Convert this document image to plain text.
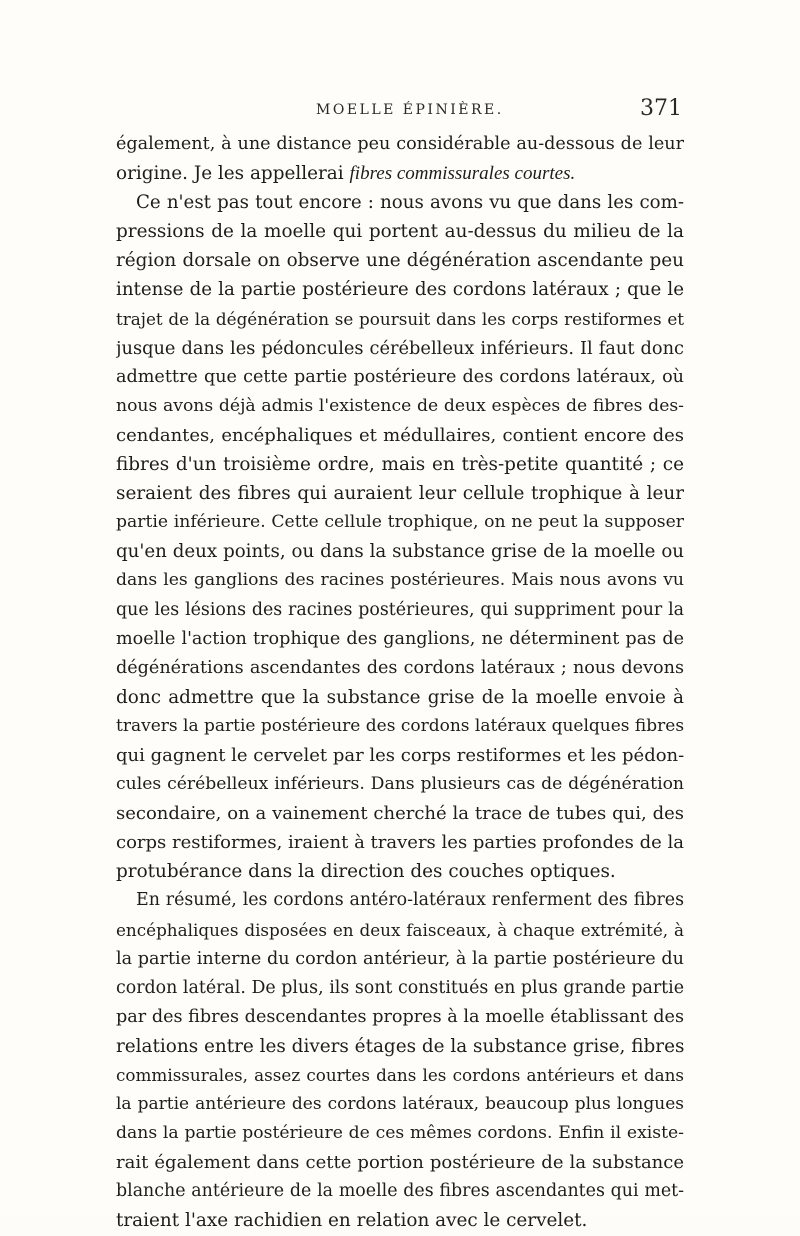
MOELLE ÉPINIÈRE.	371
également, à une distance peu considérable au-dessous de leur
origine. Je les appellerai fibres commissurales courtes.
Ce n'est pas tout encore : nous avons vu que dans les com-
pressions de la moelle qui portent au-dessus du milieu de la
région dorsale on observe une dégénération ascendante peu
intense de la partie postérieure des cordons latéraux ; que le
trajet de la dégénération se poursuit dans les corps restiformes et
jusque dans les pédoncules cérébelleux inférieurs. Il faut donc
admettre que cette partie postérieure des cordons latéraux, où
nous avons déjà admis l'existence de deux espèces de fibres des-
cendantes, encéphaliques et médullaires, contient encore des
fibres d'un troisième ordre, mais en très-petite quantité ; ce
seraient des fibres qui auraient leur cellule trophique à leur
partie inférieure. Cette cellule trophique, on ne peut la supposer
qu'en deux points, ou dans la substance grise de la moelle ou
dans les ganglions des racines postérieures. Mais nous avons vu
que les lésions des racines postérieures, qui suppriment pour la
moelle l'action trophique des ganglions, ne déterminent pas de
dégénérations ascendantes des cordons latéraux ; nous devons
donc admettre que la substance grise de la moelle envoie à
travers la partie postérieure des cordons latéraux quelques fibres
qui gagnent le cervelet par les corps restiformes et les pédon-
cules cérébelleux inférieurs. Dans plusieurs cas de dégénération
secondaire, on a vainement cherché la trace de tubes qui, des
corps restiformes, iraient à travers les parties profondes de la
protubérance dans la direction des couches optiques.
En résumé, les cordons antéro-latéraux renferment des fibres
encéphaliques disposées en deux faisceaux, à chaque extrémité, à
la partie interne du cordon antérieur, à la partie postérieure du
cordon latéral. De plus, ils sont constitués en plus grande partie
par des fibres descendantes propres à la moelle établissant des
relations entre les divers étages de la substance grise, fibres
commissurales, assez courtes dans les cordons antérieurs et dans
la partie antérieure des cordons latéraux, beaucoup plus longues
dans la partie postérieure de ces mêmes cordons. Enfin il existe-
rait également dans cette portion postérieure de la substance
blanche antérieure de la moelle des fibres ascendantes qui met-
traient l'axe rachidien en relation avec le cervelet.
